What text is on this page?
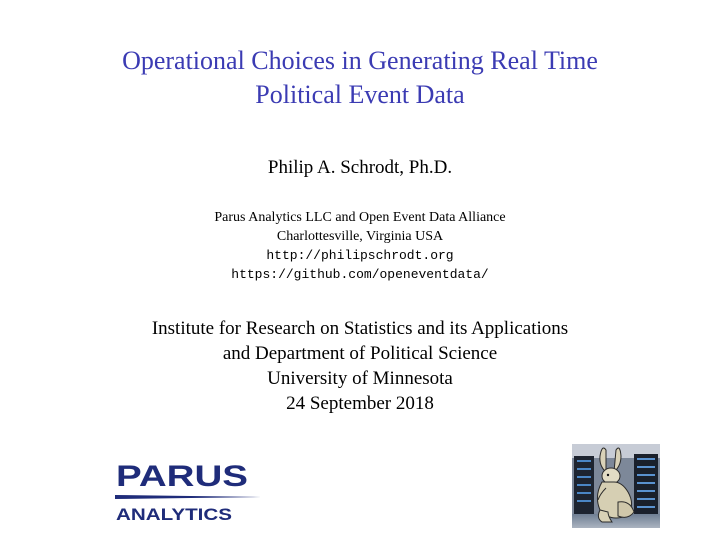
Operational Choices in Generating Real Time
Political Event Data
Philip A. Schrodt, Ph.D.
Parus Analytics LLC and Open Event Data Alliance
Charlottesville, Virginia USA
http://philipschrodt.org
https://github.com/openeventdata/
Institute for Research on Statistics and its Applications
and Department of Political Science
University of Minnesota
24 September 2018
PARUS
ANALYTICS
